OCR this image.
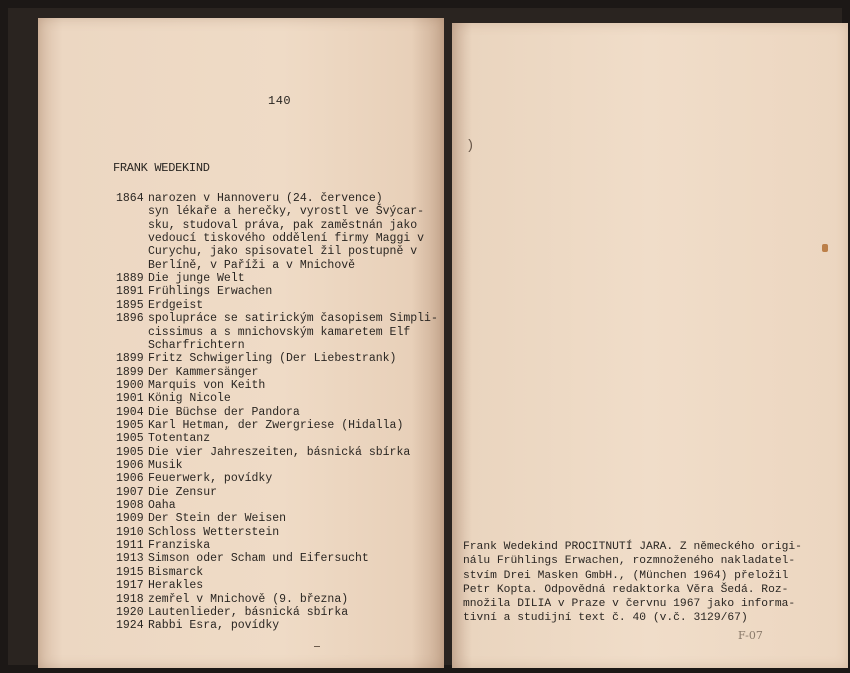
140
FRANK WEDEKIND
1864 narozen v Hannoveru (24. července)
syn lékaře a herečky, vyrostl ve Švýcar-
sku, studoval práva, pak zaměstnán jako
vedoucí tiskového oddělení firmy Maggi v
Curychu, jako spisovatel žil postupně v
Berlíně, v Paříži a v Mnichově
1889 Die junge Welt
1891 Frühlings Erwachen
1895 Erdgeist
1896 spolupráce se satirickým časopisem Simpli-
cissimus a s mnichovským kamaretem Elf
Scharfrichtern
1899 Fritz Schwigerling (Der Liebestrank)
1899 Der Kammersänger
1900 Marquis von Keith
1901 König Nicole
1904 Die Büchse der Pandora
1905 Karl Hetman, der Zwergriese (Hidalla)
1905 Totentanz
1905 Die vier Jahreszeiten, básnická sbírka
1906 Musik
1906 Feuerwerk, povídky
1907 Die Zensur
1908 Oaha
1909 Der Stein der Weisen
1910 Schloss Wetterstein
1911 Franziska
1913 Simson oder Scham und Eifersucht
1915 Bismarck
1917 Herakles
1918 zemřel v Mnichově (9. března)
1920 Lautenlieder, básnická sbírka
1924 Rabbi Esra, povídky
)
Frank Wedekind PROCITNUTÍ JARA. Z německého origi-
nálu Frühlings Erwachen, rozmnoženého nakladatel-
stvím Drei Masken GmbH., (München 1964) přeložil
Petr Kopta. Odpovědná redaktorka Věra Šedá. Roz-
množila DILIA v Praze v červnu 1967 jako informa-
tivní a studijní text č. 40 (v.č. 3129/67)
F-07
